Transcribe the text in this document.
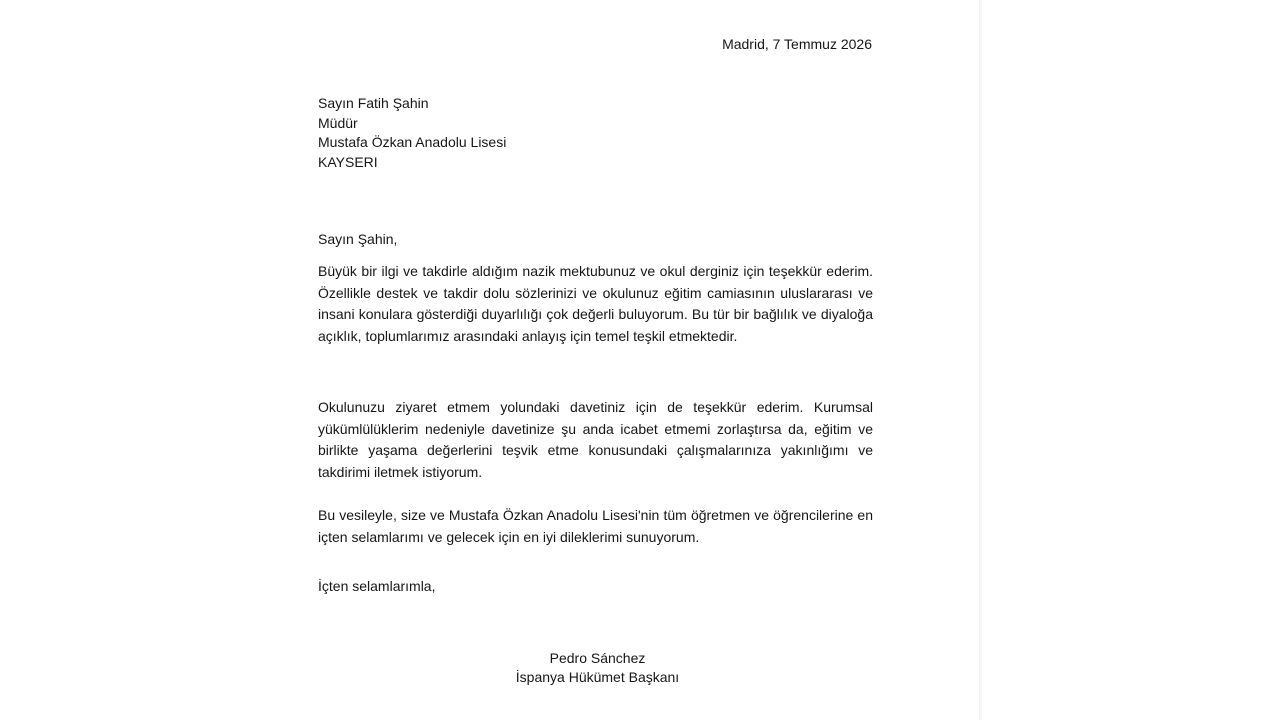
Madrid, 7 Temmuz 2026
Sayın Fatih Şahin
Müdür
Mustafa Özkan Anadolu Lisesi
KAYSERI
Sayın Şahin,

Büyük bir ilgi ve takdirle aldığım nazik mektubunuz ve okul derginiz için teşekkür ederim. Özellikle destek ve takdir dolu sözlerinizi ve okulunuz eğitim camiasının uluslararası ve insani konulara gösterdiği duyarlılığı çok değerli buluyorum. Bu tür bir bağlılık ve diyaloğa açıklık, toplumlarımız arasındaki anlayış için temel teşkil etmektedir.

Okulunuzu ziyaret etmem yolundaki davetiniz için de teşekkür ederim. Kurumsal yükümlülüklerim nedeniyle davetinize şu anda icabet etmemi zorlaştırsa da, eğitim ve birlikte yaşama değerlerini teşvik etme konusundaki çalışmalarınıza yakınlığımı ve takdirimi iletmek istiyorum.

Bu vesileyle, size ve Mustafa Özkan Anadolu Lisesi'nin tüm öğretmen ve öğrencilerine en içten selamlarımı ve gelecek için en iyi dileklerimi sunuyorum.

İçten selamlarımla,
Pedro Sánchez
İspanya Hükümet Başkanı
